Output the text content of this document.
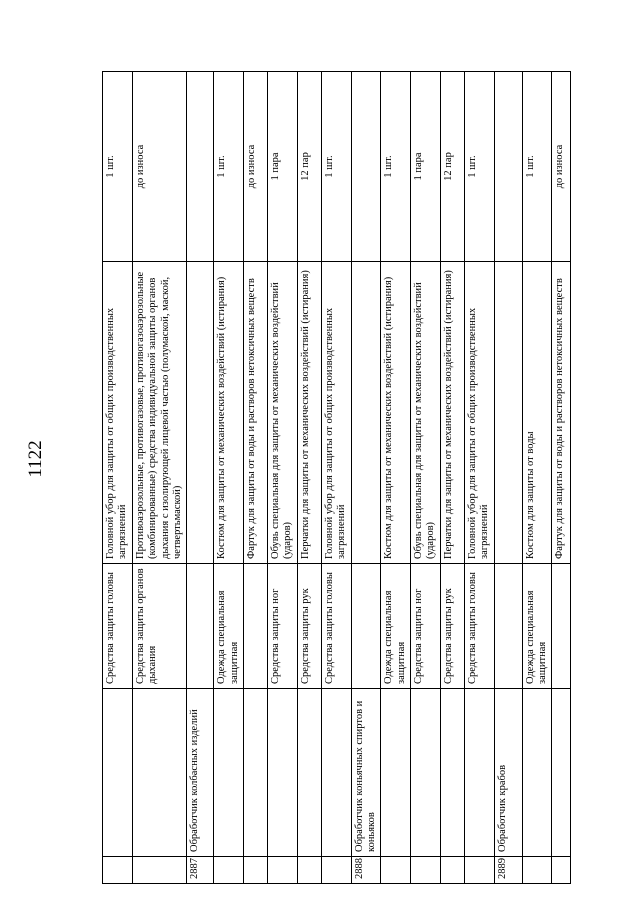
1122
		Средства защиты головы	Головной убор для защиты от общих производственных загрязнений	1 шт.
		Средства защиты органов дыхания	Противоаэрозольные, противогазовые, противогазоаэрозольные (комбинированные) средства индивидуальной защиты органов дыхания с изолирующей лицевой частью (полумаской, маской, четвертьмаской)	до износа
2887	Обработчик колбасных изделий			
		Одежда специальная защитная	Костюм для защиты от механических воздействий (истирания)	1 шт.
			Фартук для защиты от воды и растворов нетоксичных веществ	до износа
		Средства защиты ног	Обувь специальная для защиты от механических воздействий (ударов)	1 пара
		Средства защиты рук	Перчатки для защиты от механических воздействий (истирания)	12 пар
		Средства защиты головы	Головной убор для защиты от общих производственных загрязнений	1 шт.
2888	Обработчик коньячных спиртов и коньяков			
		Одежда специальная защитная	Костюм для защиты от механических воздействий (истирания)	1 шт.
		Средства защиты ног	Обувь специальная для защиты от механических воздействий (ударов)	1 пара
		Средства защиты рук	Перчатки для защиты от механических воздействий (истирания)	12 пар
		Средства защиты головы	Головной убор для защиты от общих производственных загрязнений	1 шт.
2889	Обработчик крабов			
		Одежда специальная защитная	Костюм для защиты от воды	1 шт.
			Фартук для защиты от воды и растворов нетоксичных веществ	до износа
